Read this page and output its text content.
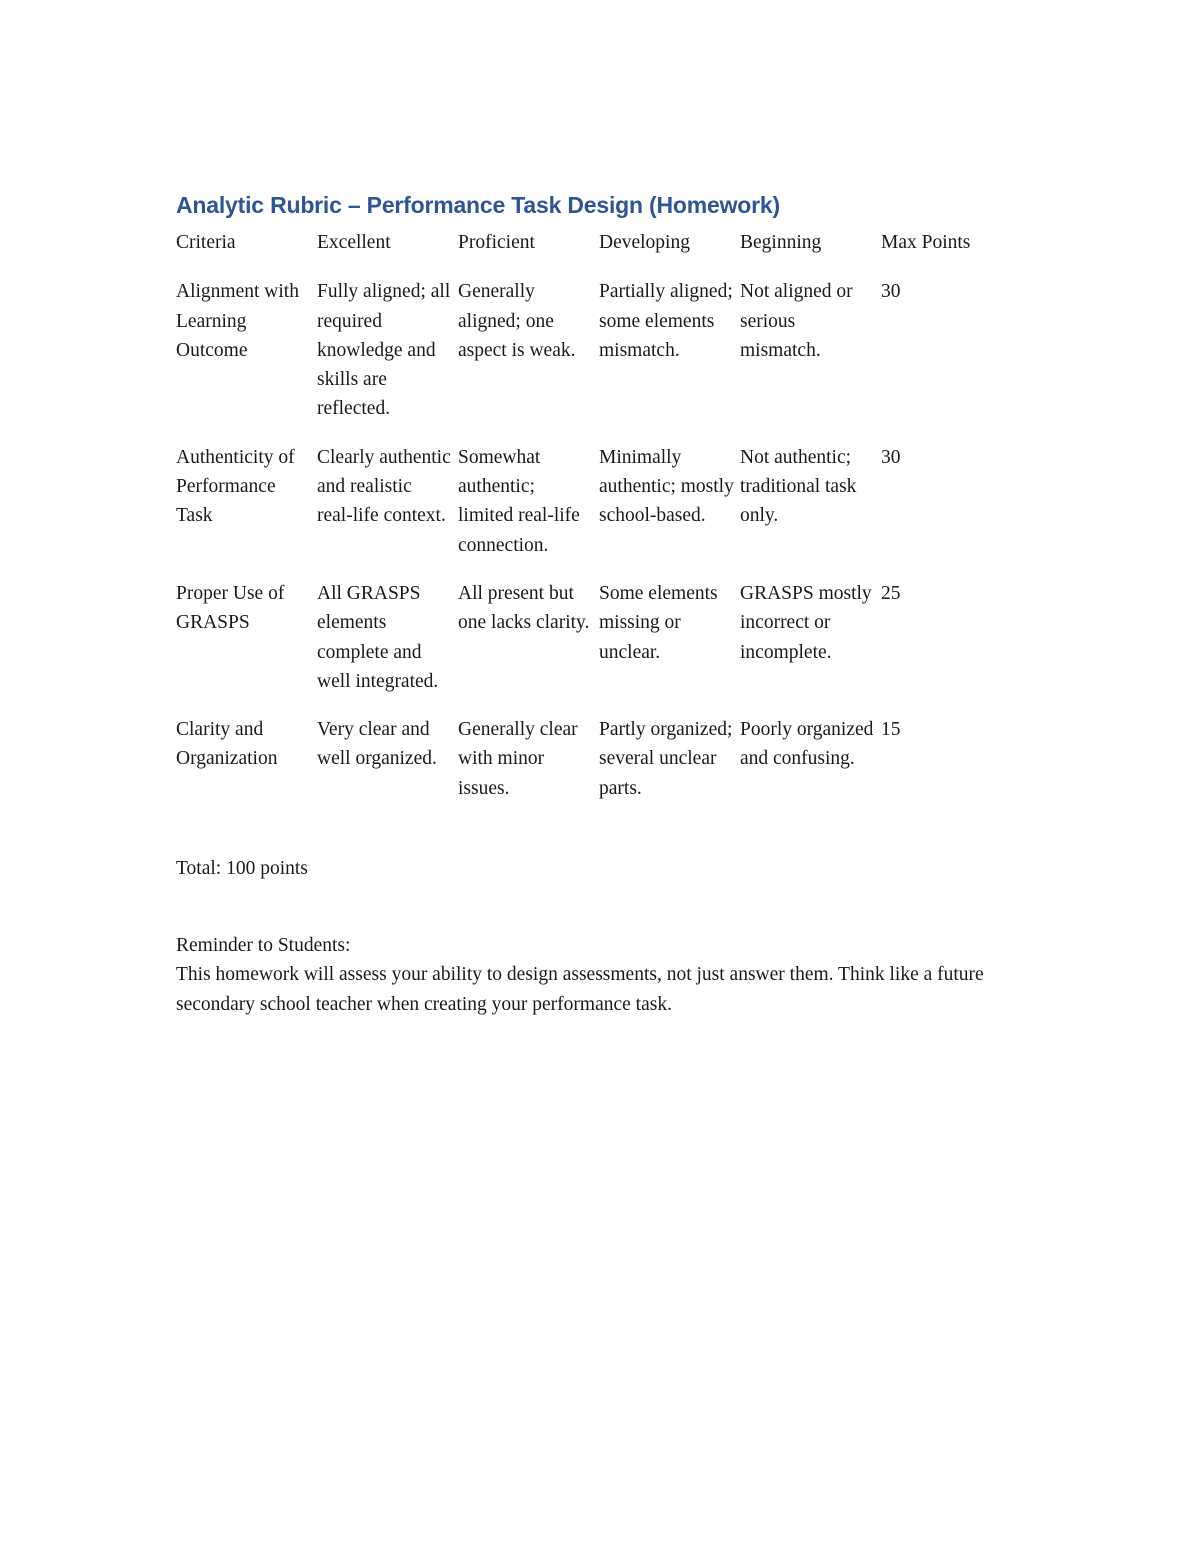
Analytic Rubric – Performance Task Design (Homework)
Criteria	Excellent	Proficient	Developing	Beginning	Max Points
Alignment with Learning Outcome	Fully aligned; all required knowledge and skills are reflected.	Generally aligned; one aspect is weak.	Partially aligned; some elements mismatch.	Not aligned or serious mismatch.	30
Authenticity of Performance Task	Clearly authentic and realistic real-life context.	Somewhat authentic; limited real-life connection.	Minimally authentic; mostly school-based.	Not authentic; traditional task only.	30
Proper Use of GRASPS	All GRASPS elements complete and well integrated.	All present but one lacks clarity.	Some elements missing or unclear.	GRASPS mostly incorrect or incomplete.	25
Clarity and Organization	Very clear and well organized.	Generally clear with minor issues.	Partly organized; several unclear parts.	Poorly organized and confusing.	15

Total: 100 points

Reminder to Students:

This homework will assess your ability to design assessments, not just answer them. Think like a future secondary school teacher when creating your performance task.
